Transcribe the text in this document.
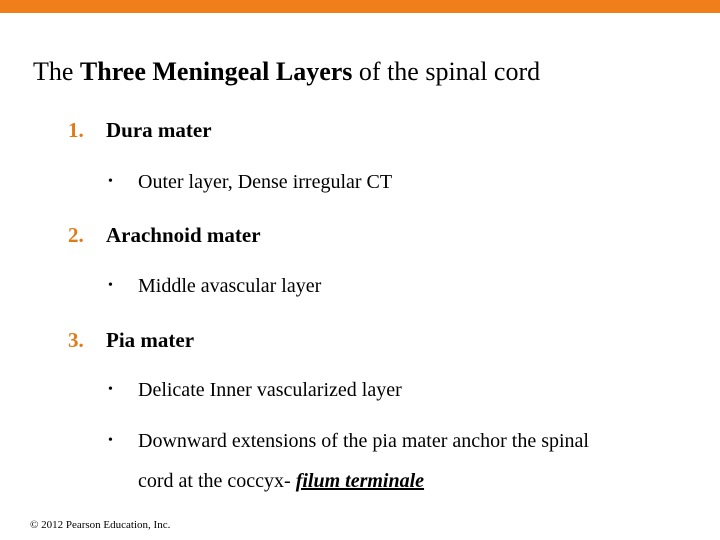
The Three Meningeal Layers of the spinal cord
1. Dura mater
• Outer layer, Dense irregular CT
2. Arachnoid mater
• Middle avascular layer
3. Pia mater
• Delicate Inner vascularized layer
• Downward extensions of the pia mater anchor the spinal
cord at the coccyx- filum terminale
© 2012 Pearson Education, Inc.
